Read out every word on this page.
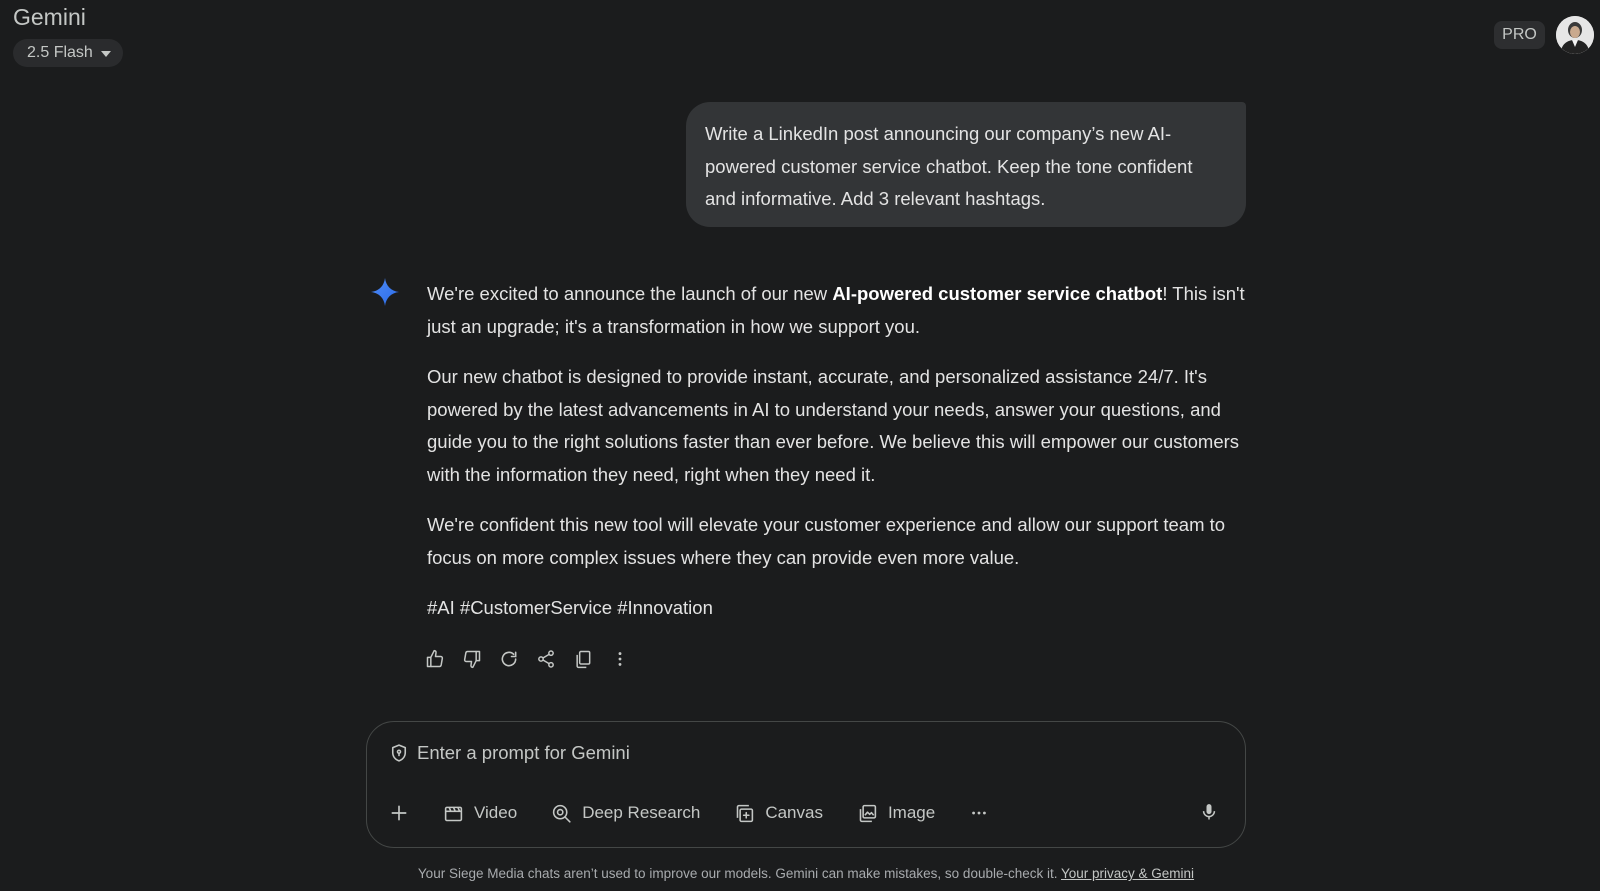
Gemini
2.5 Flash
PRO
Write a LinkedIn post announcing our company’s new AI-powered customer service chatbot. Keep the tone confident and informative. Add 3 relevant hashtags.

We're excited to announce the launch of our new AI-powered customer service chatbot! This isn't just an upgrade; it's a transformation in how we support you.

Our new chatbot is designed to provide instant, accurate, and personalized assistance 24/7. It's powered by the latest advancements in AI to understand your needs, answer your questions, and guide you to the right solutions faster than ever before. We believe this will empower our customers with the information they need, right when they need it.

We're confident this new tool will elevate your customer experience and allow our support team to focus on more complex issues where they can provide even more value.

#AI #CustomerService #Innovation

Enter a prompt for Gemini
Video	Deep Research	Canvas	Image
Your Siege Media chats aren’t used to improve our models. Gemini can make mistakes, so double-check it. Your privacy & Gemini
